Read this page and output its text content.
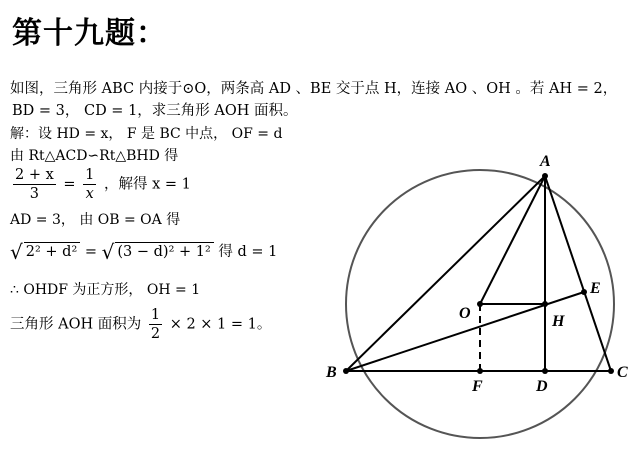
第十九题：
如图，三角形 ABC 内接于⊙O，两条高 AD 、BE 交于点 H，连接 AO 、OH 。若 AH = 2，
BD = 3， CD = 1，求三角形 AOH 面积。
解：设 HD = x， F 是 BC 中点， OF = d
由 Rt△ACD∽Rt△BHD 得
$\frac{2 + x}{3} = \frac{1}{x}$ ，解得 x = 1
AD = 3， 由 OB = OA 得
√ 2² + d² = √ (3 − d)² + 1² 得 d = 1
∴ OHDF 为正方形， OH = 1
三角形 AOH 面积为 $\frac{1}{2} \times 2 \times 1 = 1$。
A
B	C
D
E
F
H
O
